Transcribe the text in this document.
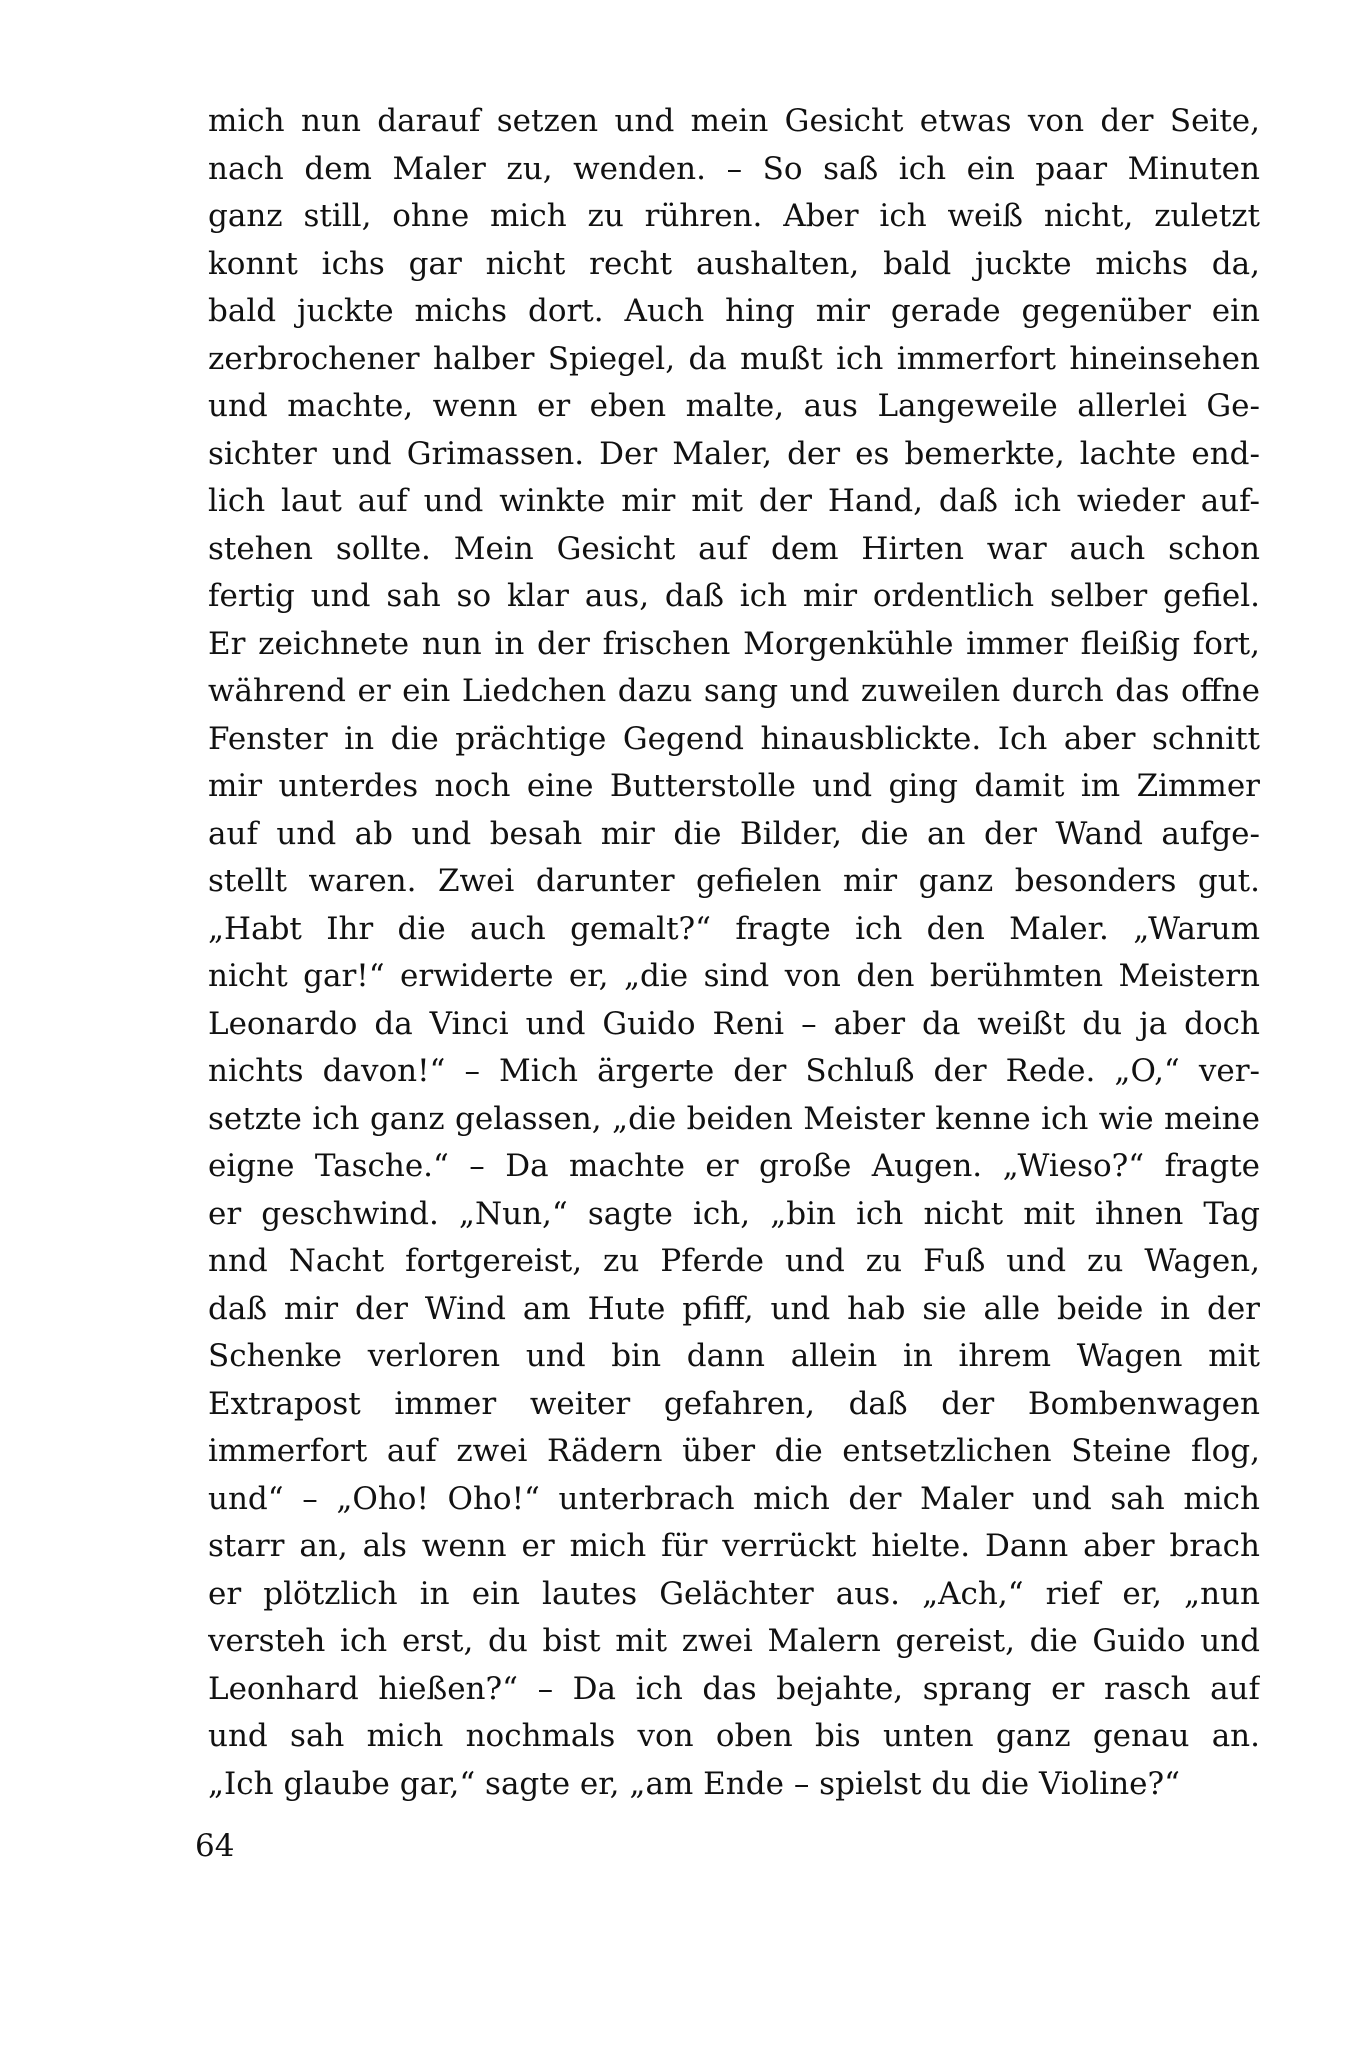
mich nun darauf setzen und mein Gesicht etwas von der Seite,
nach dem Maler zu, wenden. – So saß ich ein paar Minuten
ganz still, ohne mich zu rühren. Aber ich weiß nicht, zuletzt
konnt ichs gar nicht recht aushalten, bald juckte michs da,
bald juckte michs dort. Auch hing mir gerade gegenüber ein
zerbrochener halber Spiegel, da mußt ich immerfort hineinsehen
und machte, wenn er eben malte, aus Langeweile allerlei Ge-
sichter und Grimassen. Der Maler, der es bemerkte, lachte end-
lich laut auf und winkte mir mit der Hand, daß ich wieder auf-
stehen sollte. Mein Gesicht auf dem Hirten war auch schon
fertig und sah so klar aus, daß ich mir ordentlich selber gefiel.
Er zeichnete nun in der frischen Morgenkühle immer fleißig fort,
während er ein Liedchen dazu sang und zuweilen durch das offne
Fenster in die prächtige Gegend hinausblickte. Ich aber schnitt
mir unterdes noch eine Butterstolle und ging damit im Zimmer
auf und ab und besah mir die Bilder, die an der Wand aufge-
stellt waren. Zwei darunter gefielen mir ganz besonders gut.
„Habt Ihr die auch gemalt?“ fragte ich den Maler. „Warum
nicht gar!“ erwiderte er, „die sind von den berühmten Meistern
Leonardo da Vinci und Guido Reni – aber da weißt du ja doch
nichts davon!“ – Mich ärgerte der Schluß der Rede. „O,“ ver-
setzte ich ganz gelassen, „die beiden Meister kenne ich wie meine
eigne Tasche.“ – Da machte er große Augen. „Wieso?“ fragte
er geschwind. „Nun,“ sagte ich, „bin ich nicht mit ihnen Tag
nnd Nacht fortgereist, zu Pferde und zu Fuß und zu Wagen,
daß mir der Wind am Hute pfiff, und hab sie alle beide in der
Schenke verloren und bin dann allein in ihrem Wagen mit
Extrapost immer weiter gefahren, daß der Bombenwagen
immerfort auf zwei Rädern über die entsetzlichen Steine flog,
und“ – „Oho! Oho!“ unterbrach mich der Maler und sah mich
starr an, als wenn er mich für verrückt hielte. Dann aber brach
er plötzlich in ein lautes Gelächter aus. „Ach,“ rief er, „nun
versteh ich erst, du bist mit zwei Malern gereist, die Guido und
Leonhard hießen?“ – Da ich das bejahte, sprang er rasch auf
und sah mich nochmals von oben bis unten ganz genau an.
„Ich glaube gar,“ sagte er, „am Ende – spielst du die Violine?“
64
